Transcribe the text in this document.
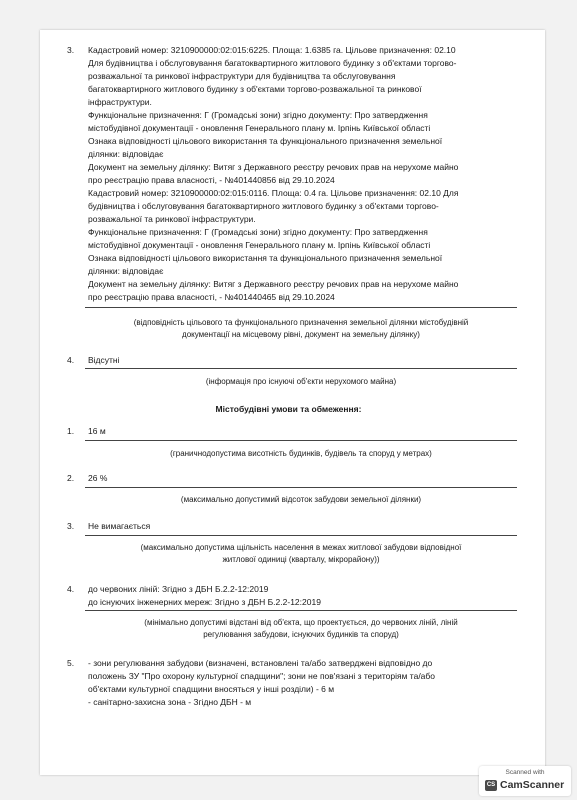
3. Кадастровий номер: 3210900000:02:015:6225. Площа: 1.6385 га. Цільове призначення: 02.10
Для будівництва і обслуговування багатоквартирного житлового будинку з об'єктами торгово-
розважальної та ринкової інфраструктури для будівництва та обслуговування
багатоквартирного житлового будинку з об'єктами торгово-розважальної та ринкової
інфраструктури.
Функціональне призначення: Г (Громадські зони) згідно документу: Про затвердження
містобудівної документації - оновлення Генерального плану м. Ірпінь Київської області
Ознака відповідності цільового використання та функціонального призначення земельної
ділянки: відповідає
Документ на земельну ділянку: Витяг з Державного реєстру речових прав на нерухоме майно
про реєстрацію права власності, - №401440856 від 29.10.2024
Кадастровий номер: 3210900000:02:015:0116. Площа: 0.4 га. Цільове призначення: 02.10 Для
будівництва і обслуговування багатоквартирного житлового будинку з об'єктами торгово-
розважальної та ринкової інфраструктури.
Функціональне призначення: Г (Громадські зони) згідно документу: Про затвердження
містобудівної документації - оновлення Генерального плану м. Ірпінь Київської області
Ознака відповідності цільового використання та функціонального призначення земельної
ділянки: відповідає
Документ на земельну ділянку: Витяг з Державного реєстру речових прав на нерухоме майно
про реєстрацію права власності, - №401440465 від 29.10.2024
(відповідність цільового та функціонального призначення земельної ділянки містобудівній
документації на місцевому рівні, документ на земельну ділянку)
4. Відсутні
(інформація про існуючі об'єкти нерухомого майна)
Містобудівні умови та обмеження:
1. 16 м
(граничнодопустима висотність будинків, будівель та споруд у метрах)
2. 26 %
(максимально допустимий відсоток забудови земельної ділянки)
3. Не вимагається
(максимально допустима щільність населення в межах житлової забудови відповідної
житлової одиниці (кварталу, мікрорайону))
4. до червоних ліній: Згідно з ДБН Б.2.2-12:2019
до існуючих інженерних мереж: Згідно з ДБН Б.2.2-12:2019
(мінімально допустимі відстані від об'єкта, що проектується, до червоних ліній, ліній
регулювання забудови, існуючих будинків та споруд)
5. - зони регулювання забудови (визначені, встановлені та/або затверджені відповідно до
положень ЗУ "Про охорону культурної спадщини"; зони не пов'язані з територіям та/або
об'єктами культурної спадщини вносяться у інші розділи) - 6 м
- санітарно-захисна зона - Згідно ДБН - м
Scanned with
CS CamScanner
